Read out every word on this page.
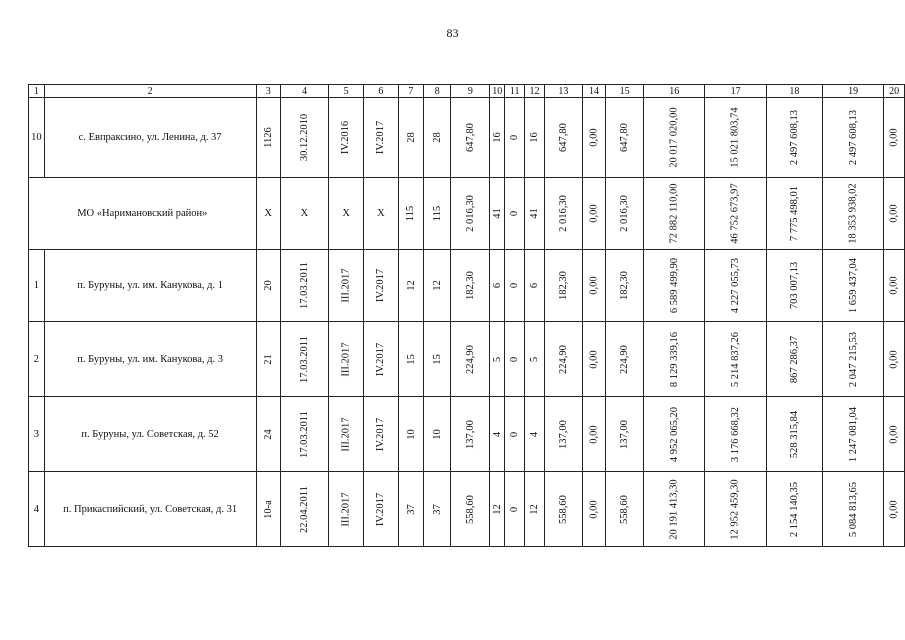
83
1	2	3	4	5	6	7	8	9	10	11	12	13	14	15	16	17	18	19	20
10	с. Евпраксино, ул. Ленина, д. 37	1126	30.12.2010	IV.2016	IV.2017	28	28	647,80	16	0	16	647,80	0,00	647,80	20 017 020,00	15 021 803,74	2 497 608,13	2 497 608,13	0,00
МО «Наримановский район»		X	X	X	X	115	115	2 016,30	41	0	41	2 016,30	0,00	2 016,30	72 882 110,00	46 752 673,97	7 775 498,01	18 353 938,02	0,00
1	п. Буруны, ул. им. Канукова, д. 1	20	17.03.2011	III.2017	IV.2017	12	12	182,30	6	0	6	182,30	0,00	182,30	6 589 499,90	4 227 055,73	703 007,13	1 659 437,04	0,00
2	п. Буруны, ул. им. Канукова, д. 3	21	17.03.2011	III.2017	IV.2017	15	15	224,90	5	0	5	224,90	0,00	224,90	8 129 339,16	5 214 837,26	867 286,37	2 047 215,53	0,00
3	п. Буруны, ул. Советская, д. 52	24	17.03.2011	III.2017	IV.2017	10	10	137,00	4	0	4	137,00	0,00	137,00	4 952 065,20	3 176 668,32	528 315,84	1 247 081,04	0,00
4	п. Прикаспийский, ул. Советская, д. 31	10-а	22.04.2011	III.2017	IV.2017	37	37	558,60	12	0	12	558,60	0,00	558,60	20 191 413,30	12 952 459,30	2 154 140,35	5 084 813,65	0,00
